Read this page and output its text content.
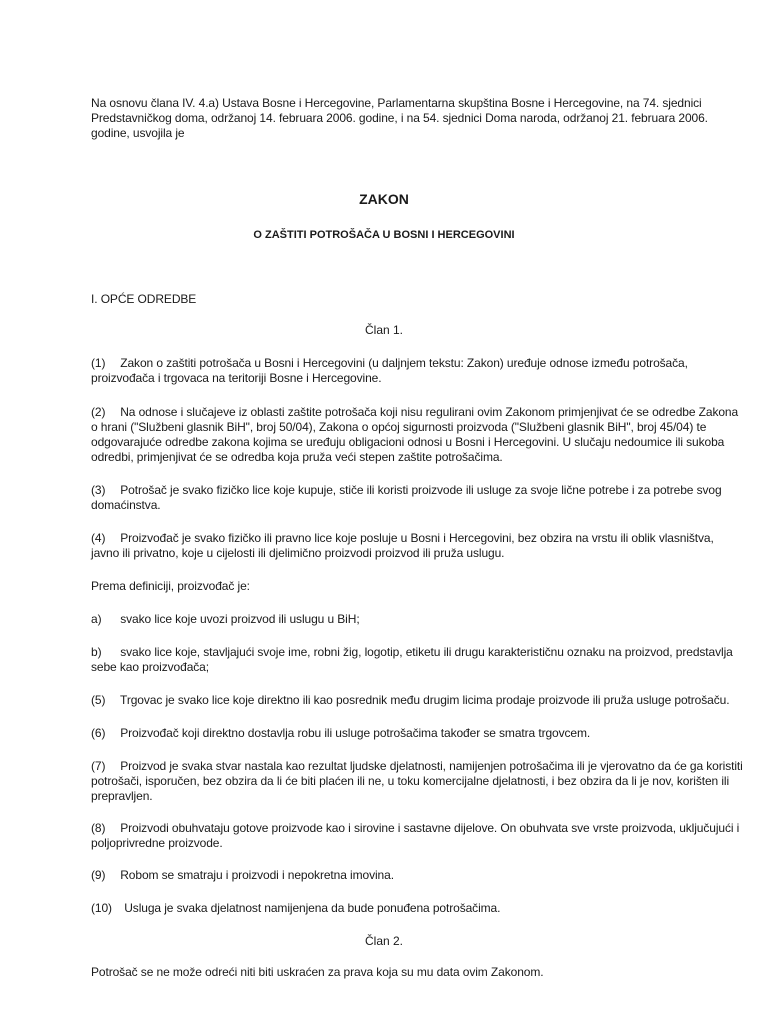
Na osnovu člana IV. 4.a) Ustava Bosne i Hercegovine, Parlamentarna skupština Bosne i Hercegovine, na 74. sjednici
Predstavničkog doma, održanoj 14. februara 2006. godine, i na 54. sjednici Doma naroda, održanoj 21. februara 2006.
godine, usvojila je
ZAKON
O ZAŠTITI POTROŠAČA U BOSNI I HERCEGOVINI
I. OPĆE ODREDBE
Član 1.
(1) Zakon o zaštiti potrošača u Bosni i Hercegovini (u daljnjem tekstu: Zakon) uređuje odnose između potrošača,
proizvođača i trgovaca na teritoriji Bosne i Hercegovine.
(2) Na odnose i slučajeve iz oblasti zaštite potrošača koji nisu regulirani ovim Zakonom primjenjivat će se odredbe Zakona
o hrani ("Službeni glasnik BiH", broj 50/04), Zakona o općoj sigurnosti proizvoda ("Službeni glasnik BiH", broj 45/04) te
odgovarajuće odredbe zakona kojima se uređuju obligacioni odnosi u Bosni i Hercegovini. U slučaju nedoumice ili sukoba
odredbi, primjenjivat će se odredba koja pruža veći stepen zaštite potrošačima.
(3) Potrošač je svako fizičko lice koje kupuje, stiče ili koristi proizvode ili usluge za svoje lične potrebe i za potrebe svog
domaćinstva.
(4) Proizvođač je svako fizičko ili pravno lice koje posluje u Bosni i Hercegovini, bez obzira na vrstu ili oblik vlasništva,
javno ili privatno, koje u cijelosti ili djelimično proizvodi proizvod ili pruža uslugu.
Prema definiciji, proizvođač je:
a) svako lice koje uvozi proizvod ili uslugu u BiH;
b) svako lice koje, stavljajući svoje ime, robni žig, logotip, etiketu ili drugu karakterističnu oznaku na proizvod, predstavlja
sebe kao proizvođača;
(5) Trgovac je svako lice koje direktno ili kao posrednik među drugim licima prodaje proizvode ili pruža usluge potrošaču.
(6) Proizvođač koji direktno dostavlja robu ili usluge potrošačima također se smatra trgovcem.
(7) Proizvod je svaka stvar nastala kao rezultat ljudske djelatnosti, namijenjen potrošačima ili je vjerovatno da će ga koristiti
potrošači, isporučen, bez obzira da li će biti plaćen ili ne, u toku komercijalne djelatnosti, i bez obzira da li je nov, korišten ili
prepravljen.
(8) Proizvodi obuhvataju gotove proizvode kao i sirovine i sastavne dijelove. On obuhvata sve vrste proizvoda, uključujući i
poljoprivredne proizvode.
(9) Robom se smatraju i proizvodi i nepokretna imovina.
(10) Usluga je svaka djelatnost namijenjena da bude ponuđena potrošačima.
Član 2.
Potrošač se ne može odreći niti biti uskraćen za prava koja su mu data ovim Zakonom.
